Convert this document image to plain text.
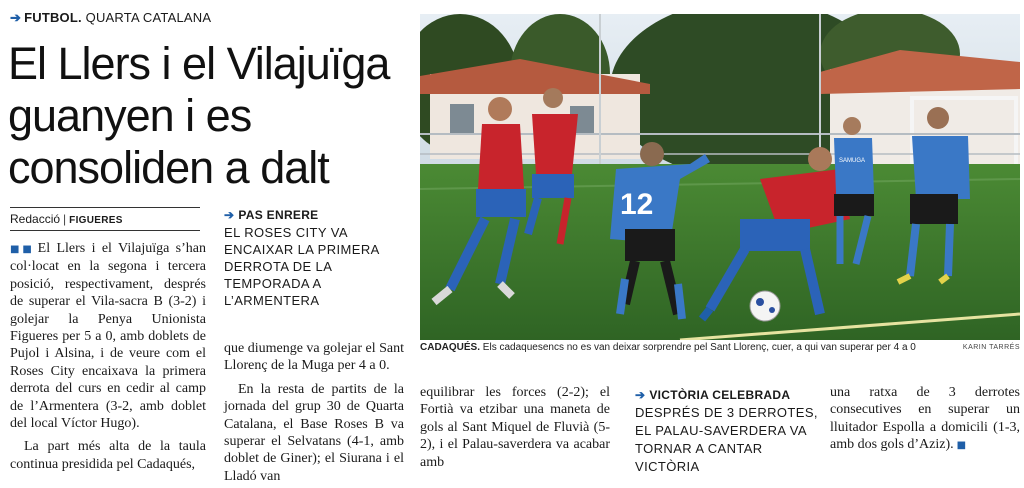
➔ FUTBOL. QUARTA CATALANA
El Llers i el Vilajuïga guanyen i es consoliden a dalt
Redacció | FIGUERES

■■ El Llers i el Vilajuïga s’han col·locat en la segona i tercera posició, respectivament, després de superar el Vila-sacra B (3-2) i golejar la Penya Unionista Figueres per 5 a 0, amb doblets de Pujol i Alsina, i de veure com el Roses City encaixava la primera derrota del curs en cedir al camp de l’Armentera (3-2, amb doblet del local Víctor Hugo).

La part més alta de la taula continua presidida pel Cadaqués,

➔ PAS ENRERE
EL ROSES CITY VA ENCAIXAR LA PRIMERA DERROTA DE LA TEMPORADA A L’ARMENTERA

que diumenge va golejar el Sant Llorenç de la Muga per 4 a 0.

En la resta de partits de la jornada del grup 30 de Quarta Catalana, el Base Roses B va superar el Selvatans (4-1, amb doblet de Giner); el Siurana i el Lladó van

12
SAMUGA
CADAQUÉS. Els cadaquesencs no es van deixar sorprendre pel Sant Llorenç, cuer, a qui van superar per 4 a 0	KARIN TARRÉS

equilibrar les forces (2-2); el Fortià va etzibar una maneta de gols al Sant Miquel de Fluvià (5-2), i el Palau-saverdera va acabar amb

➔ VICTÒRIA CELEBRADA
DESPRÉS DE 3 DERROTES, EL PALAU-SAVERDERA VA TORNAR A CANTAR VICTÒRIA

una ratxa de 3 derrotes consecutives en superar un lluitador Espolla a domicili (1-3, amb dos gols d’Aziz). ■
